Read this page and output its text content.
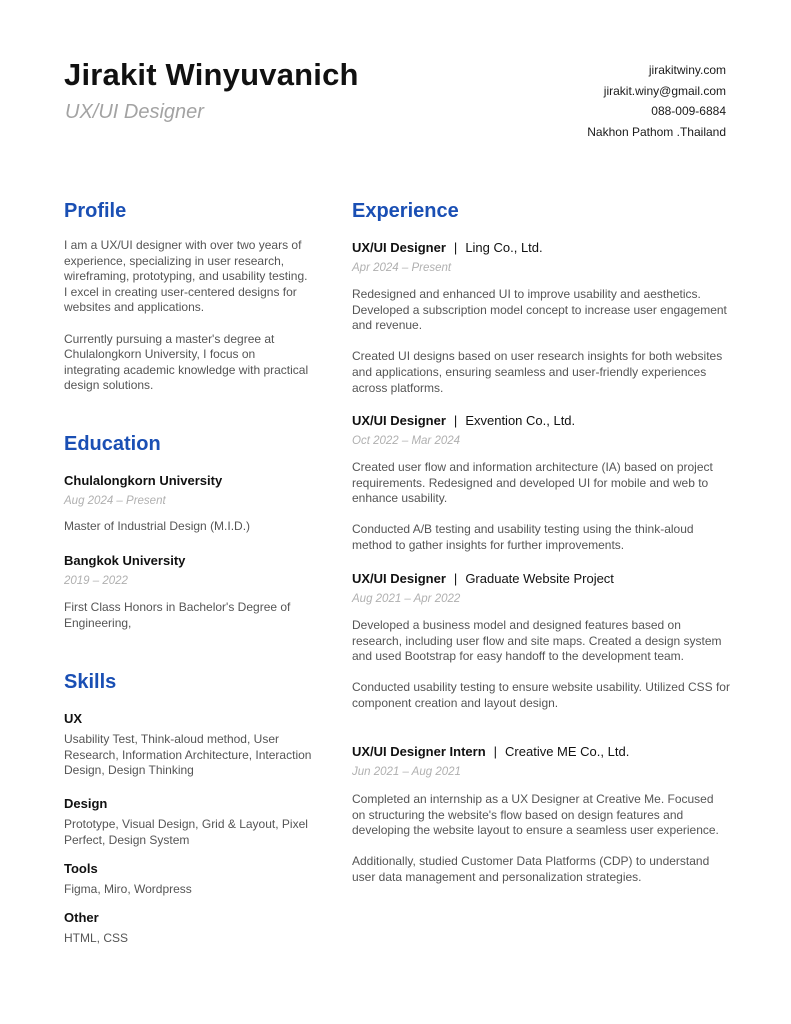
Jirakit Winyuvanich
UX/UI Designer
jirakitwiny.com
jirakit.winy@gmail.com
088-009-6884
Nakhon Pathom .Thailand
Profile

I am a UX/UI designer with over two years of experience, specializing in user research, wireframing, prototyping, and usability testing. I excel in creating user-centered designs for websites and applications.

Currently pursuing a master's degree at Chulalongkorn University, I focus on integrating academic knowledge with practical design solutions.

Education
Chulalongkorn University
Aug 2024 – Present
Master of Industrial Design (M.I.D.)
Bangkok University
2019 – 2022
First Class Honors in Bachelor's Degree of Engineering,
Skills
UX
Usability Test, Think-aloud method, User Research, Information Architecture, Interaction Design, Design Thinking
Design
Prototype, Visual Design, Grid & Layout, Pixel Perfect, Design System
Tools
Figma, Miro, Wordpress
Other
HTML, CSS
Experience
UX/UI Designer | Ling Co., Ltd.
Apr 2024 – Present

Redesigned and enhanced UI to improve usability and aesthetics. Developed a subscription model concept to increase user engagement and revenue.

Created UI designs based on user research insights for both websites and applications, ensuring seamless and user-friendly experiences across platforms.

UX/UI Designer | Exvention Co., Ltd.
Oct 2022 – Mar 2024

Created user flow and information architecture (IA) based on project requirements. Redesigned and developed UI for mobile and web to enhance usability.

Conducted A/B testing and usability testing using the think-aloud method to gather insights for further improvements.

UX/UI Designer | Graduate Website Project
Aug 2021 – Apr 2022

Developed a business model and designed features based on research, including user flow and site maps. Created a design system and used Bootstrap for easy handoff to the development team.

Conducted usability testing to ensure website usability. Utilized CSS for component creation and layout design.

UX/UI Designer Intern | Creative ME Co., Ltd.
Jun 2021 – Aug 2021

Completed an internship as a UX Designer at Creative Me. Focused on structuring the website's flow based on design features and developing the website layout to ensure a seamless user experience.

Additionally, studied Customer Data Platforms (CDP) to understand user data management and personalization strategies.
